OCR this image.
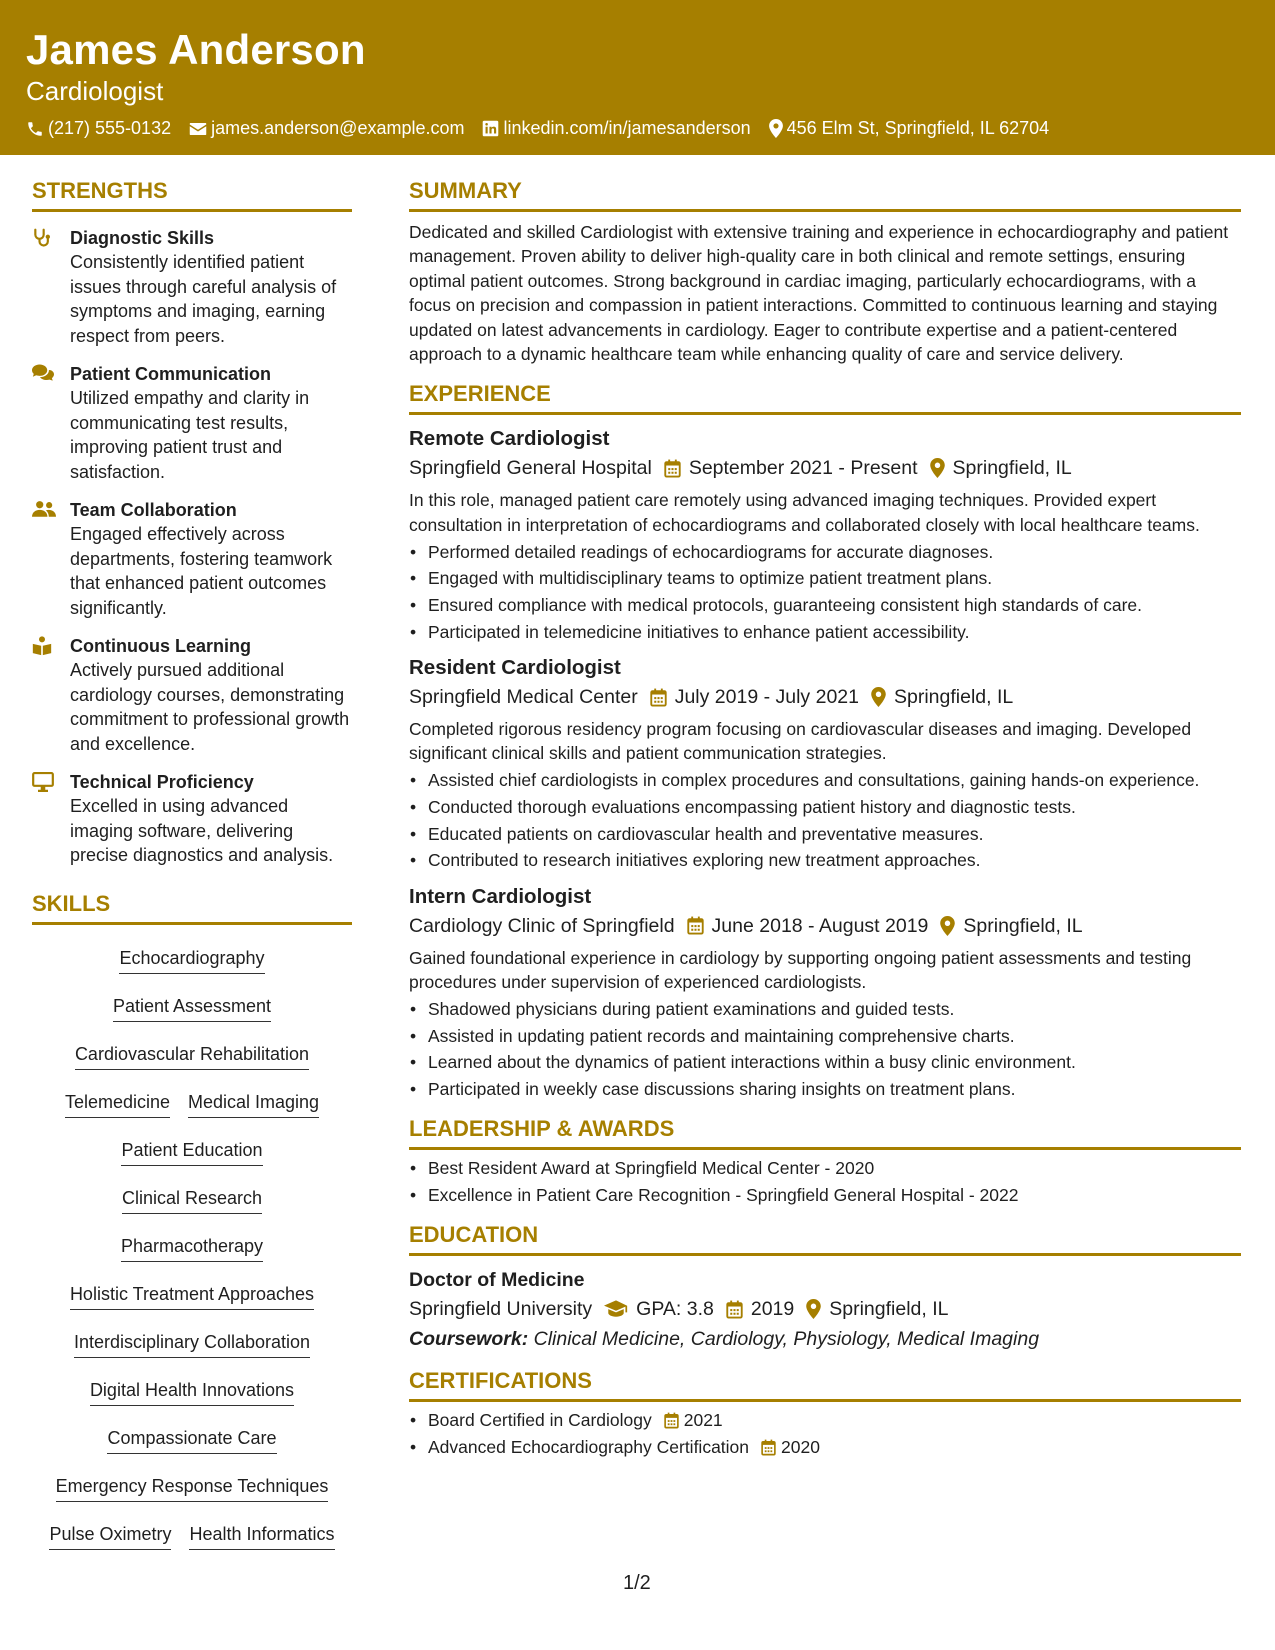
James Anderson
Cardiologist
(217) 555-0132 james.anderson@example.com linkedin.com/in/jamesanderson 456 Elm St, Springfield, IL 62704
STRENGTHS
Diagnostic Skills
Consistently identified patient issues through careful analysis of symptoms and imaging, earning respect from peers.
Patient Communication
Utilized empathy and clarity in communicating test results, improving patient trust and satisfaction.
Team Collaboration
Engaged effectively across departments, fostering teamwork that enhanced patient outcomes significantly.
Continuous Learning
Actively pursued additional cardiology courses, demonstrating commitment to professional growth and excellence.
Technical Proficiency
Excelled in using advanced imaging software, delivering precise diagnostics and analysis.
SKILLS
Echocardiography
Patient Assessment
Cardiovascular Rehabilitation
Telemedicine Medical Imaging
Patient Education
Clinical Research
Pharmacotherapy
Holistic Treatment Approaches
Interdisciplinary Collaboration
Digital Health Innovations
Compassionate Care
Emergency Response Techniques
Pulse Oximetry Health Informatics
SUMMARY
Dedicated and skilled Cardiologist with extensive training and experience in echocardiography and patient management. Proven ability to deliver high-quality care in both clinical and remote settings, ensuring optimal patient outcomes. Strong background in cardiac imaging, particularly echocardiograms, with a focus on precision and compassion in patient interactions. Committed to continuous learning and staying updated on latest advancements in cardiology. Eager to contribute expertise and a patient-centered approach to a dynamic healthcare team while enhancing quality of care and service delivery.
EXPERIENCE
Remote Cardiologist
Springfield General Hospital September 2021 - Present Springfield, IL
In this role, managed patient care remotely using advanced imaging techniques. Provided expert consultation in interpretation of echocardiograms and collaborated closely with local healthcare teams.
• Performed detailed readings of echocardiograms for accurate diagnoses.
• Engaged with multidisciplinary teams to optimize patient treatment plans.
• Ensured compliance with medical protocols, guaranteeing consistent high standards of care.
• Participated in telemedicine initiatives to enhance patient accessibility.
Resident Cardiologist
Springfield Medical Center July 2019 - July 2021 Springfield, IL
Completed rigorous residency program focusing on cardiovascular diseases and imaging. Developed significant clinical skills and patient communication strategies.
• Assisted chief cardiologists in complex procedures and consultations, gaining hands-on experience.
• Conducted thorough evaluations encompassing patient history and diagnostic tests.
• Educated patients on cardiovascular health and preventative measures.
• Contributed to research initiatives exploring new treatment approaches.
Intern Cardiologist
Cardiology Clinic of Springfield June 2018 - August 2019 Springfield, IL
Gained foundational experience in cardiology by supporting ongoing patient assessments and testing procedures under supervision of experienced cardiologists.
• Shadowed physicians during patient examinations and guided tests.
• Assisted in updating patient records and maintaining comprehensive charts.
• Learned about the dynamics of patient interactions within a busy clinic environment.
• Participated in weekly case discussions sharing insights on treatment plans.
LEADERSHIP & AWARDS
• Best Resident Award at Springfield Medical Center - 2020
• Excellence in Patient Care Recognition - Springfield General Hospital - 2022
EDUCATION
Doctor of Medicine
Springfield University GPA: 3.8 2019 Springfield, IL
Coursework: Clinical Medicine, Cardiology, Physiology, Medical Imaging
CERTIFICATIONS
• Board Certified in Cardiology 2021
• Advanced Echocardiography Certification 2020
1/2
